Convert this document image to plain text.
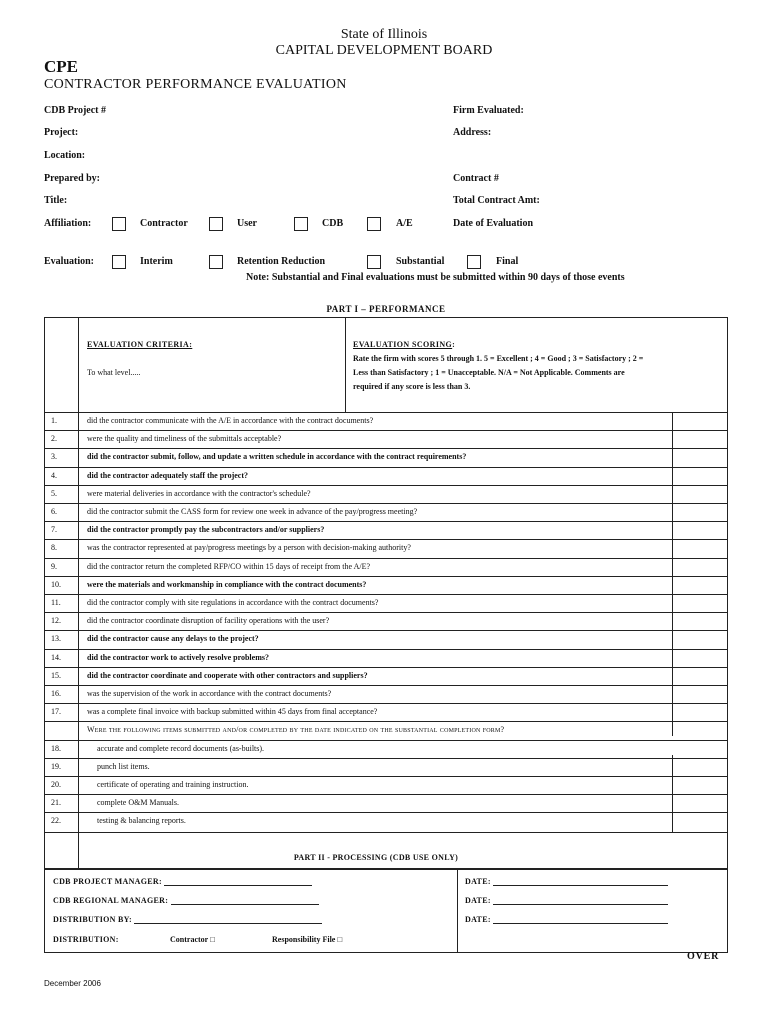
State of Illinois
CAPITAL DEVELOPMENT BOARD
CPE
CONTRACTOR PERFORMANCE EVALUATION
CDB Project #
Project:
Location:
Prepared by:
Title:
Firm Evaluated:
Address:
Contract #
Total Contract Amt:
Date of Evaluation
Affiliation:	Contractor	User	CDB	A/E
Evaluation:	Interim	Retention Reduction	Substantial	Final
Note: Substantial and Final evaluations must be submitted within 90 days of those events
PART I – PERFORMANCE
EVALUATION CRITERIA:
To what level.....
EVALUATION SCORING:
Rate the firm with scores 5 through 1. 5 = Excellent ; 4 = Good ; 3 = Satisfactory ; 2 =
Less than Satisfactory ; 1 = Unacceptable. N/A = Not Applicable. Comments are
required if any score is less than 3.
1.	did the contractor communicate with the A/E in accordance with the contract documents?
2.	were the quality and timeliness of the submittals acceptable?
3.	did the contractor submit, follow, and update a written schedule in accordance with the contract requirements?
4.	did the contractor adequately staff the project?
5.	were material deliveries in accordance with the contractor's schedule?
6.	did the contractor submit the CASS form for review one week in advance of the pay/progress meeting?
7.	did the contractor promptly pay the subcontractors and/or suppliers?
8.	was the contractor represented at pay/progress meetings by a person with decision-making authority?
9.	did the contractor return the completed RFP/CO within 15 days of receipt from the A/E?
10.	were the materials and workmanship in compliance with the contract documents?
11.	did the contractor comply with site regulations in accordance with the contract documents?
12.	did the contractor coordinate disruption of facility operations with the user?
13.	did the contractor cause any delays to the project?
14.	did the contractor work to actively resolve problems?
15.	did the contractor coordinate and cooperate with other contractors and suppliers?
16.	was the supervision of the work in accordance with the contract documents?
17.	was a complete final invoice with backup submitted within 45 days from final acceptance?
Were the following items submitted and/or completed by the date indicated on the substantial completion form?
18.	accurate and complete record documents (as-builts).
19.	punch list items.
20.	certificate of operating and training instruction.
21.	complete O&M Manuals.
22.	testing & balancing reports.
PART II - PROCESSING (CDB USE ONLY)
CDB PROJECT MANAGER:
CDB REGIONAL MANAGER:
DISTRIBUTION BY:
DATE:
DATE:
DATE:
DISTRIBUTION:	Contractor □	Responsibility File □
OVER
December 2006
